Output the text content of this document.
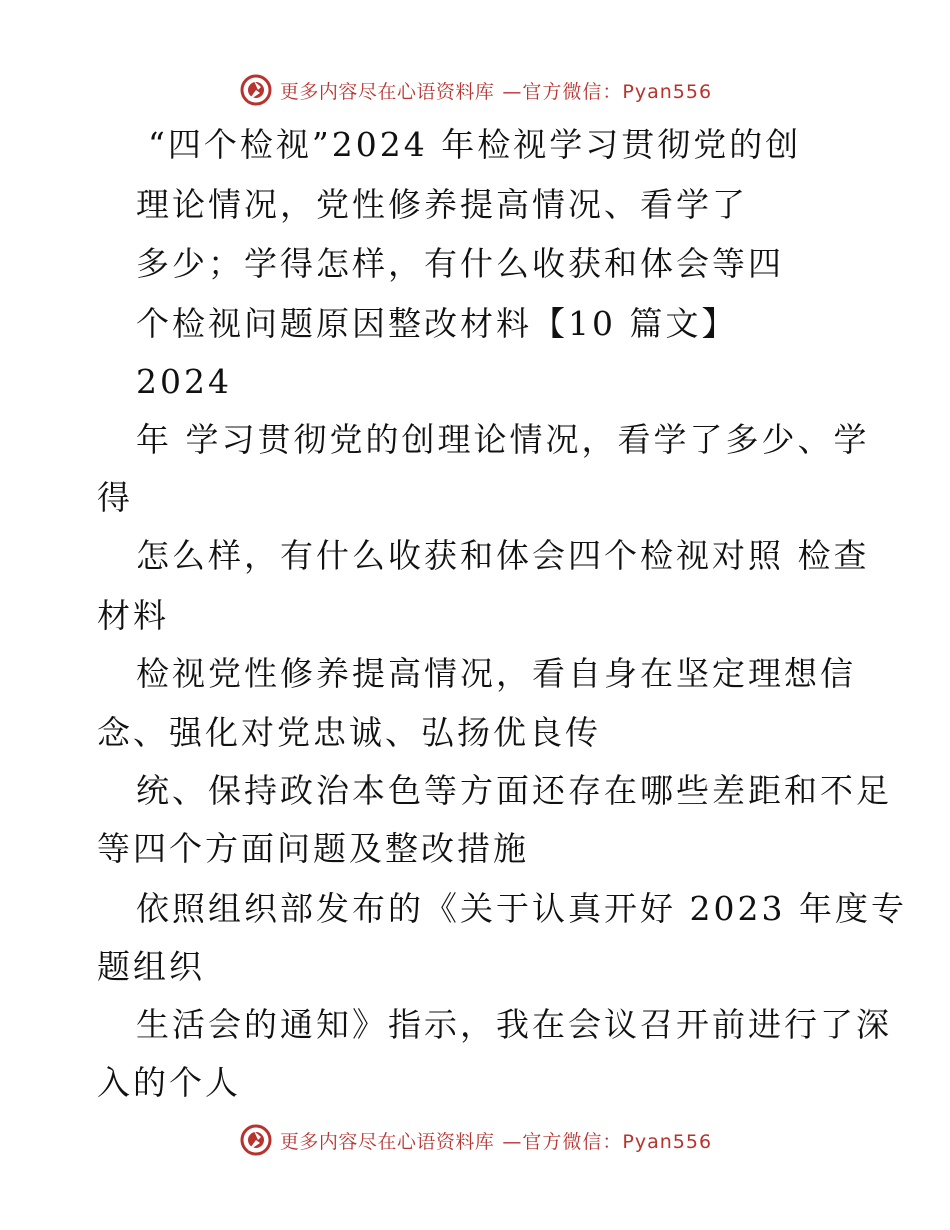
更多内容尽在心语资料库 —官方微信：Pyan556
“四个检视”2024 年检视学习贯彻党的创
理论情况，党性修养提高情况、看学了
多少；学得怎样，有什么收获和体会等四
个检视问题原因整改材料【10 篇文】
2024
年 学习贯彻党的创理论情况，看学了多少、学
得
怎么样，有什么收获和体会四个检视对照 检查
材料
检视党性修养提高情况，看自身在坚定理想信
念、强化对党忠诚、弘扬优良传
统、保持政治本色等方面还存在哪些差距和不足
等四个方面问题及整改措施
依照组织部发布的《关于认真开好 2023 年度专
题组织
生活会的通知》指示，我在会议召开前进行了深
入的个人
更多内容尽在心语资料库 —官方微信：Pyan556
